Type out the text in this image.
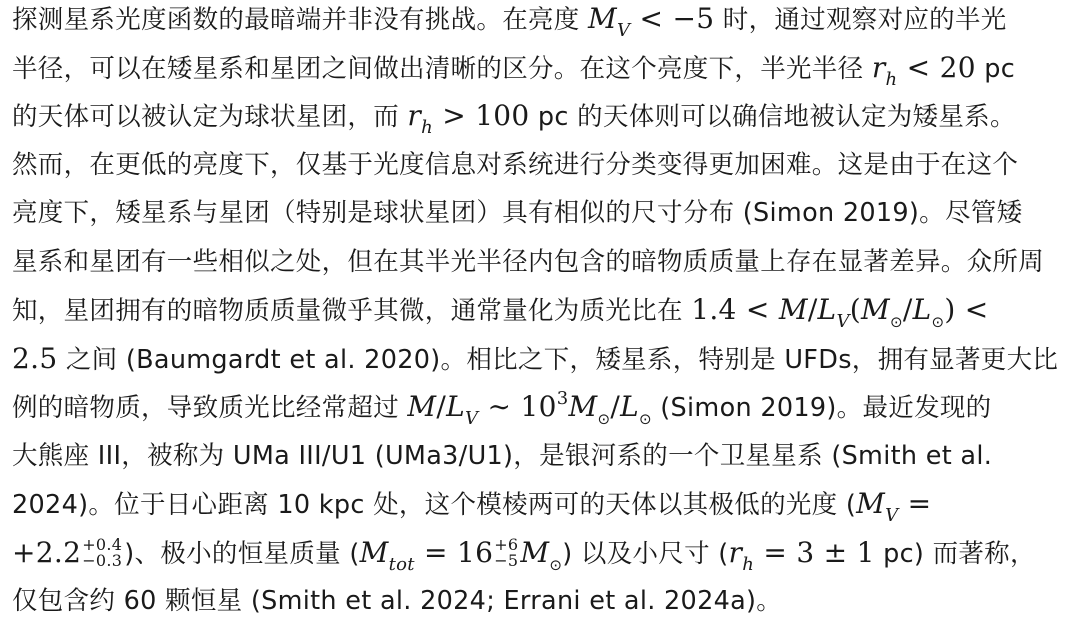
探测星系光度函数的最暗端并非没有挑战。在亮度 $M_V < -5$ 时，通过观察对应的半光
半径，可以在矮星系和星团之间做出清晰的区分。在这个亮度下，半光半径 $r_h < 20$ pc
的天体可以被认定为球状星团，而 $r_h > 100$ pc 的天体则可以确信地被认定为矮星系。
然而，在更低的亮度下，仅基于光度信息对系统进行分类变得更加困难。这是由于在这个
亮度下，矮星系与星团（特别是球状星团）具有相似的尺寸分布 (Simon 2019)。尽管矮
星系和星团有一些相似之处，但在其半光半径内包含的暗物质质量上存在显著差异。众所周
知，星团拥有的暗物质质量微乎其微，通常量化为质光比在 $1.4 < M/L_V(M_⊙/L_⊙)$ <
2.5 之间 (Baumgardt et al. 2020)。相比之下，矮星系，特别是 UFDs，拥有显著更大比
例的暗物质，导致质光比经常超过 $M/L_V$ ∼ $10^3M_⊙/L_⊙$ (Simon 2019)。最近发现的
大熊座 III，被称为 UMa III/U1 (UMa3/U1)，是银河系的一个卫星星系 (Smith et al.
2024)。位于日心距离 10 kpc 处，这个模棱两可的天体以其极低的光度 ($M_V$ =
+2.2 +0.4
−0.3 )、极小的恒星质量 ($M_{tot} = 16 +6$
−5 $M_⊙$) 以及小尺寸 ($r_h = 3 \pm 1$ pc) 而著称，
仅包含约 60 颗恒星 (Smith et al. 2024; Errani et al. 2024a)。
